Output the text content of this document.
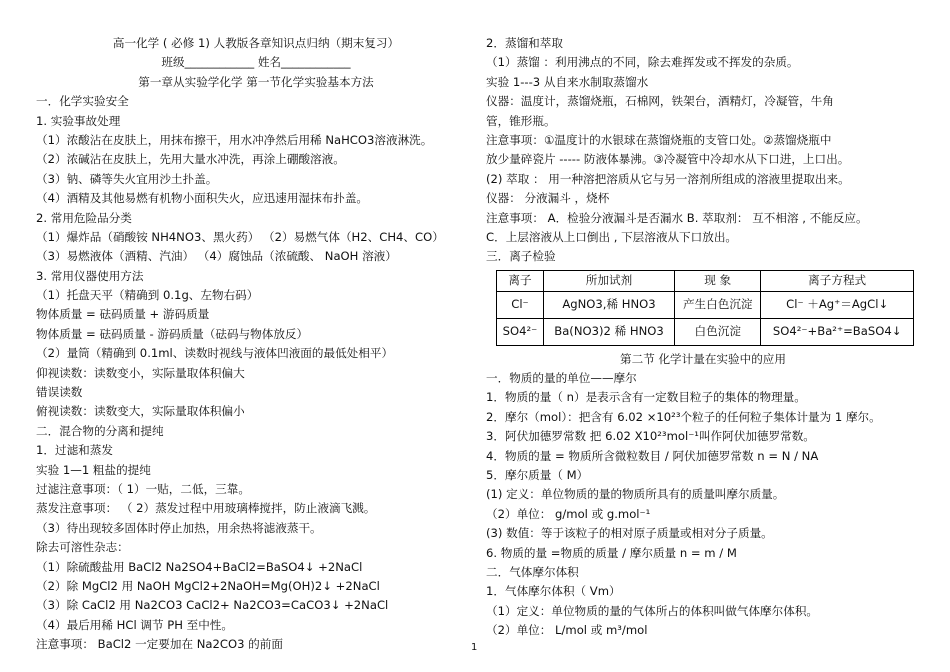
高一化学 ( 必修 1) 人教版各章知识点归纳（期末复习）
班级____________ 姓名____________
第一章从实验学化学 第一节化学实验基本方法
一．化学实验安全
1. 实验事故处理
（1）浓酸沾在皮肤上，用抹布擦干，用水冲净然后用稀 NaHCO3溶液淋洗。
（2）浓碱沾在皮肤上，先用大量水冲洗，再涂上硼酸溶液。
（3）钠、磷等失火宜用沙土扑盖。
（4）酒精及其他易燃有机物小面积失火，应迅速用湿抹布扑盖。
2. 常用危险品分类
（1）爆炸品（硝酸铵 NH4NO3、黑火药） （2）易燃气体（H2、CH4、CO）
（3）易燃液体（酒精、汽油） （4）腐蚀品（浓硫酸、 NaOH 溶液）
3. 常用仪器使用方法
（1）托盘天平（精确到 0.1g、左物右码）
物体质量 = 砝码质量 + 游码质量
物体质量 = 砝码质量 - 游码质量（砝码与物体放反）
（2）量筒（精确到 0.1ml、读数时视线与液体凹液面的最低处相平）
仰视读数：读数变小，实际量取体积偏大
错误读数
俯视读数：读数变大，实际量取体积偏小
二．混合物的分离和提纯
1．过滤和蒸发
实验 1—1 粗盐的提纯
过滤注意事项：（ 1）一贴，二低，三靠。
蒸发注意事项： （ 2）蒸发过程中用玻璃棒搅拌，防止液滴飞溅。
（3）待出现较多固体时停止加热，用余热将滤液蒸干。
除去可溶性杂志：
（1）除硫酸盐用 BaCl2 Na2SO4+BaCl2=BaSO4↓ +2NaCl
（2）除 MgCl2 用 NaOH MgCl2+2NaOH=Mg(OH)2↓ +2NaCl
（3）除 CaCl2 用 Na2CO3 CaCl2+ Na2CO3=CaCO3↓ +2NaCl
（4）最后用稀 HCl 调节 PH 至中性。
注意事项： BaCl2 一定要加在 Na2CO3 的前面
2．蒸馏和萃取
（1）蒸馏 ：利用沸点的不同，除去难挥发或不挥发的杂质。
实验 1---3 从自来水制取蒸馏水
仪器：温度计，蒸馏烧瓶，石棉网，铁架台，酒精灯，冷凝管，牛角
管，锥形瓶。
注意事项：①温度计的水银球在蒸馏烧瓶的支管口处。②蒸馏烧瓶中
放少量碎瓷片 ----- 防液体暴沸。③冷凝管中冷却水从下口进，上口出。
(2) 萃取 ： 用一种溶把溶质从它与另一溶剂所组成的溶液里提取出来。
仪器： 分液漏斗 ，烧杯
注意事项： A．检验分液漏斗是否漏水 B. 萃取剂： 互不相溶 , 不能反应。
C．上层溶液从上口倒出 , 下层溶液从下口放出。
三．离子检验
离子	所加试剂	现 象	离子方程式
Cl⁻	AgNO3,稀 HNO3	产生白色沉淀	Cl⁻ ＋Ag⁺＝AgCl↓
SO4²⁻	Ba(NO3)2 稀 HNO3	白色沉淀	SO4²⁻+Ba²⁺=BaSO4↓
第二节 化学计量在实验中的应用
一．物质的量的单位——摩尔
1．物质的量（ n）是表示含有一定数目粒子的集体的物理量。
2．摩尔（mol）：把含有 6.02 ×10²³个粒子的任何粒子集体计量为 1 摩尔。
3．阿伏加德罗常数 把 6.02 X10²³mol⁻¹叫作阿伏加德罗常数。
4．物质的量 = 物质所含微粒数目 / 阿伏加德罗常数 n = N / NA
5．摩尔质量（ M）
(1) 定义：单位物质的量的物质所具有的质量叫摩尔质量。
（2）单位： g/mol 或 g.mol⁻¹
(3) 数值：等于该粒子的相对原子质量或相对分子质量。
6. 物质的量 =物质的质量 / 摩尔质量 n = m / M
二．气体摩尔体积
1．气体摩尔体积（ Vm）
（1）定义：单位物质的量的气体所占的体积叫做气体摩尔体积。
（2）单位： L/mol 或 m³/mol
1
